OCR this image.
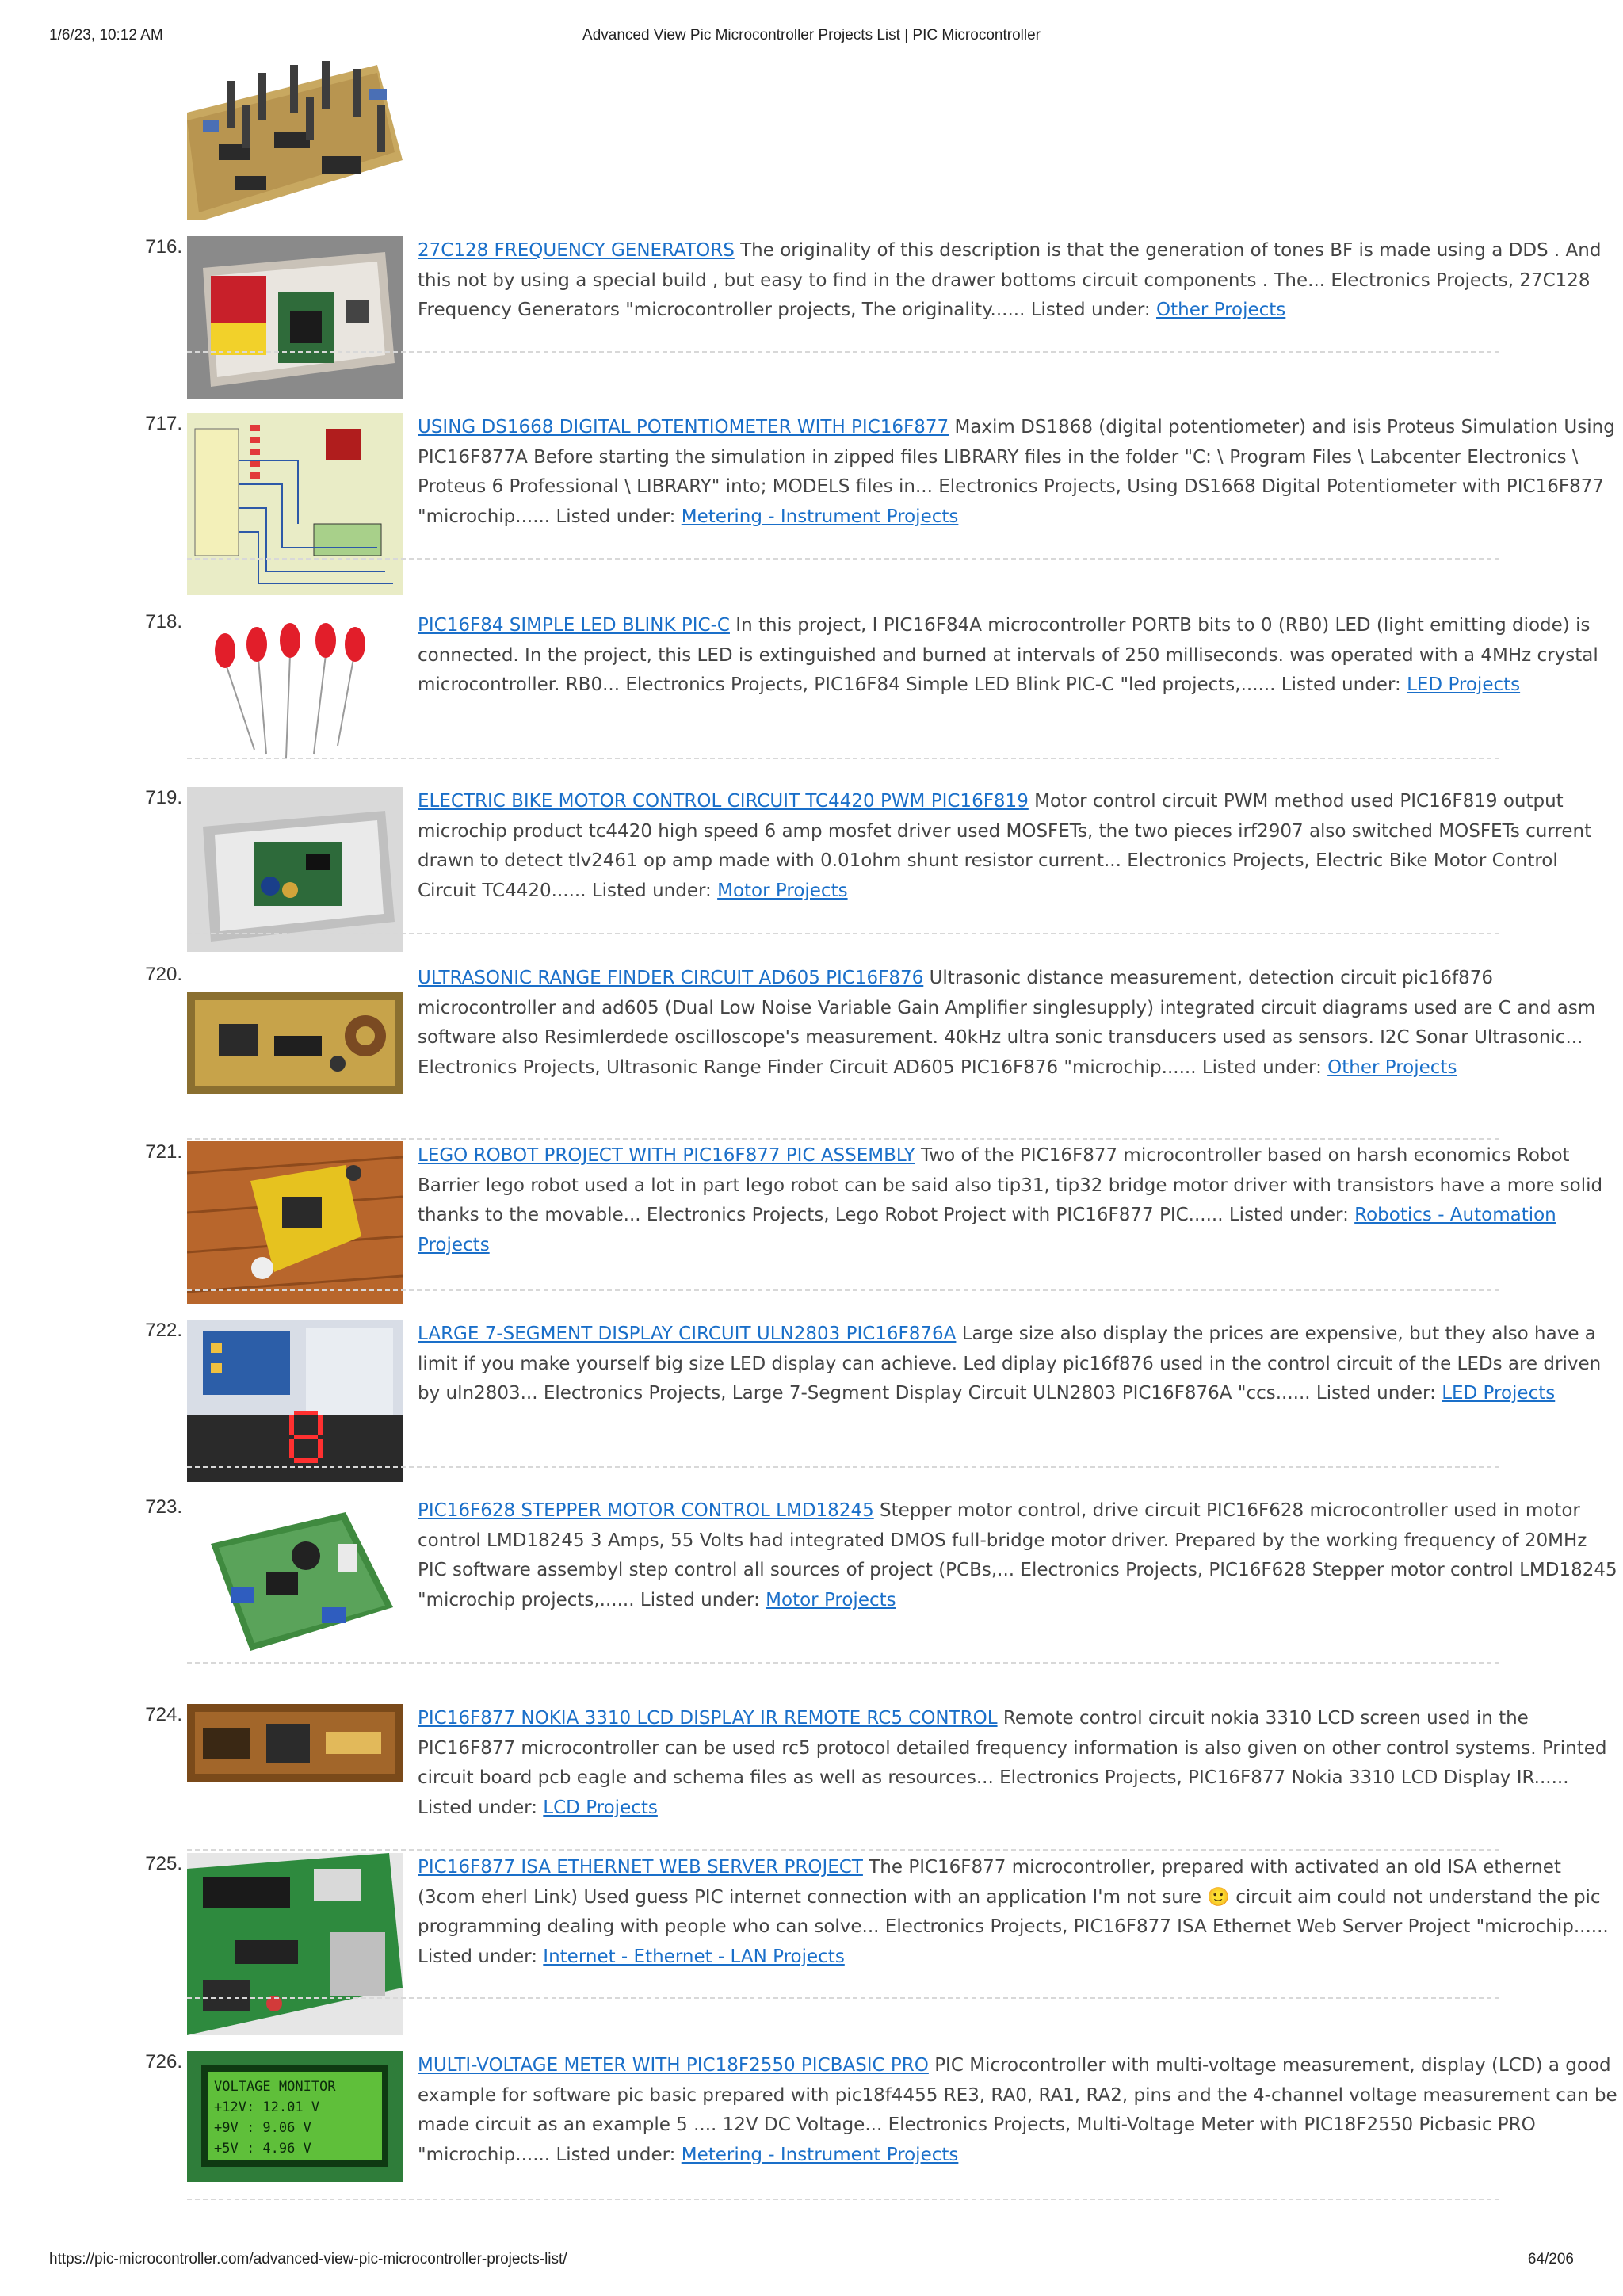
1/6/23, 10:12 AM	Advanced View Pic Microcontroller Projects List | PIC Microcontroller
716.	27C128 FREQUENCY GENERATORS The originality of this description is that the generation of tones BF is made using a DDS . And this not by using a special build , but easy to find in the drawer bottoms circuit components . The... Electronics Projects, 27C128 Frequency Generators "microcontroller projects, The originality...... Listed under: Other Projects
717.	USING DS1668 DIGITAL POTENTIOMETER WITH PIC16F877 Maxim DS1868 (digital potentiometer) and isis Proteus Simulation Using PIC16F877A Before starting the simulation in zipped files LIBRARY files in the folder "C: \ Program Files \ Labcenter Electronics \ Proteus 6 Professional \ LIBRARY" into; MODELS files in... Electronics Projects, Using DS1668 Digital Potentiometer with PIC16F877 "microchip...... Listed under: Metering - Instrument Projects
718.	PIC16F84 SIMPLE LED BLINK PIC-C In this project, I PIC16F84A microcontroller PORTB bits to 0 (RB0) LED (light emitting diode) is connected. In the project, this LED is extinguished and burned at intervals of 250 milliseconds. was operated with a 4MHz crystal microcontroller. RB0... Electronics Projects, PIC16F84 Simple LED Blink PIC-C "led projects,...... Listed under: LED Projects
719.	ELECTRIC BIKE MOTOR CONTROL CIRCUIT TC4420 PWM PIC16F819 Motor control circuit PWM method used PIC16F819 output microchip product tc4420 high speed 6 amp mosfet driver used MOSFETs, the two pieces irf2907 also switched MOSFETs current drawn to detect tlv2461 op amp made with 0.01ohm shunt resistor current... Electronics Projects, Electric Bike Motor Control Circuit TC4420...... Listed under: Motor Projects
720.	ULTRASONIC RANGE FINDER CIRCUIT AD605 PIC16F876 Ultrasonic distance measurement, detection circuit pic16f876 microcontroller and ad605 (Dual Low Noise Variable Gain Amplifier singlesupply) integrated circuit diagrams used are C and asm software also Resimlerdede oscilloscope's measurement. 40kHz ultra sonic transducers used as sensors. I2C Sonar Ultrasonic... Electronics Projects, Ultrasonic Range Finder Circuit AD605 PIC16F876 "microchip...... Listed under: Other Projects
721.	LEGO ROBOT PROJECT WITH PIC16F877 PIC ASSEMBLY Two of the PIC16F877 microcontroller based on harsh economics Robot Barrier lego robot used a lot in part lego robot can be said also tip31, tip32 bridge motor driver with transistors have a more solid thanks to the movable... Electronics Projects, Lego Robot Project with PIC16F877 PIC...... Listed under: Robotics - Automation Projects
722.	LARGE 7-SEGMENT DISPLAY CIRCUIT ULN2803 PIC16F876A Large size also display the prices are expensive, but they also have a limit if you make yourself big size LED display can achieve. Led diplay pic16f876 used in the control circuit of the LEDs are driven by uln2803... Electronics Projects, Large 7-Segment Display Circuit ULN2803 PIC16F876A "ccs...... Listed under: LED Projects
723.	PIC16F628 STEPPER MOTOR CONTROL LMD18245 Stepper motor control, drive circuit PIC16F628 microcontroller used in motor control LMD18245 3 Amps, 55 Volts had integrated DMOS full-bridge motor driver. Prepared by the working frequency of 20MHz PIC software assembyl step control all sources of project (PCBs,... Electronics Projects, PIC16F628 Stepper motor control LMD18245 "microchip projects,...... Listed under: Motor Projects
724.	PIC16F877 NOKIA 3310 LCD DISPLAY IR REMOTE RC5 CONTROL Remote control circuit nokia 3310 LCD screen used in the PIC16F877 microcontroller can be used rc5 protocol detailed frequency information is also given on other control systems. Printed circuit board pcb eagle and schema files as well as resources... Electronics Projects, PIC16F877 Nokia 3310 LCD Display IR...... Listed under: LCD Projects
725.	PIC16F877 ISA ETHERNET WEB SERVER PROJECT The PIC16F877 microcontroller, prepared with activated an old ISA ethernet (3com eherl Link) Used guess PIC internet connection with an application I'm not sure 🙂 circuit aim could not understand the pic programming dealing with people who can solve... Electronics Projects, PIC16F877 ISA Ethernet Web Server Project "microchip...... Listed under: Internet - Ethernet - LAN Projects
726.
VOLTAGE MONITOR
+12V: 12.01 V
+9V : 9.06 V
+5V : 4.96 V
MULTI-VOLTAGE METER WITH PIC18F2550 PICBASIC PRO PIC Microcontroller with multi-voltage measurement, display (LCD) a good example for software pic basic prepared with pic18f4455 RE3, RA0, RA1, RA2, pins and the 4-channel voltage measurement can be made circuit as an example 5 .... 12V DC Voltage... Electronics Projects, Multi-Voltage Meter with PIC18F2550 Picbasic PRO "microchip...... Listed under: Metering - Instrument Projects
https://pic-microcontroller.com/advanced-view-pic-microcontroller-projects-list/	64/206
